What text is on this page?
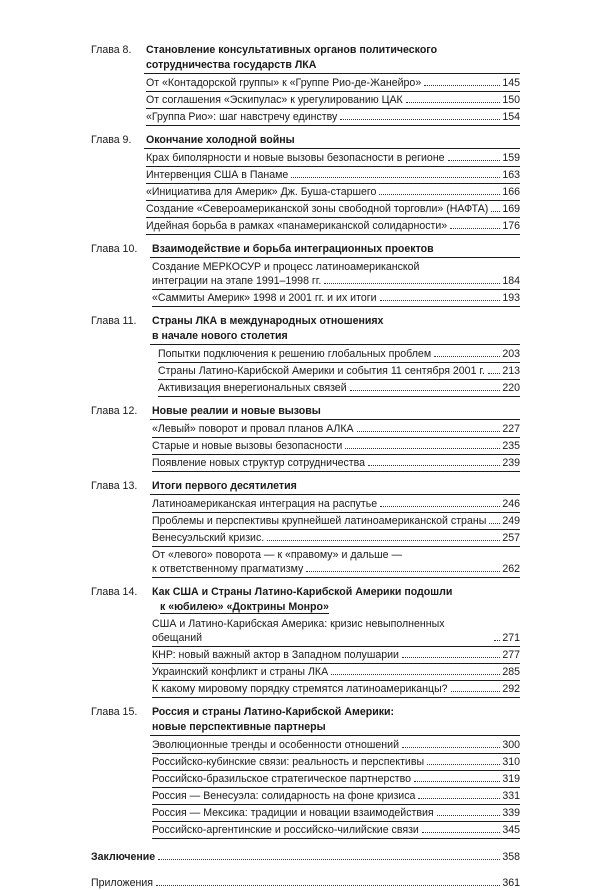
Глава 8.	Становление консультативных органов политического
сотрудничества государств ЛКА
От «Контадорской группы» к «Группе Рио-де-Жанейро»	145
От соглашения «Эскипулас» к урегулированию ЦАК	150
«Группа Рио»: шаг навстречу единству	154
Глава 9.	Окончание холодной войны
Крах биполярности и новые вызовы безопасности в регионе	159
Интервенция США в Панаме	163
«Инициатива для Америк» Дж. Буша-старшего	166
Создание «Североамериканской зоны свободной торговли» (НАФТА) 169
Идейная борьба в рамках «панамериканской солидарности»	176
Глава 10.	Взаимодействие и борьба интеграционных проектов
Создание МЕРКОСУР и процесс латиноамериканской
интеграции на этапе 1991–1998 гг.	184
«Саммиты Америк» 1998 и 2001 гг. и их итоги	193
Глава 11.	Страны ЛКА в международных отношениях
в начале нового столетия
Попытки подключения к решению глобальных проблем	203
Страны Латино-Карибской Америки и события 11 сентября 2001 г. 213
Активизация внерегиональных связей	220
Глава 12.	Новые реалии и новые вызовы
«Левый» поворот и провал планов АЛКА	227
Старые и новые вызовы безопасности	235
Появление новых структур сотрудничества	239
Глава 13.	Итоги первого десятилетия
Латиноамериканская интеграция на распутье	246
Проблемы и перспективы крупнейшей латиноамериканской страны 249
Венесуэльский кризис.	257
От «левого» поворота — к «правому» и дальше —
к ответственному прагматизму	262
Глава 14.	Как США и Страны Латино-Карибской Америки подошли
к «юбилею» «Доктрины Монро»
США и Латино-Карибская Америка: кризис невыполненных обещаний	271
КНР: новый важный актор в Западном полушарии	277
Украинский конфликт и страны ЛКА	285
К какому мировому порядку стремятся латиноамериканцы?	292
Глава 15.	Россия и страны Латино-Карибской Америки:
новые перспективные партнеры
Эволюционные тренды и особенности отношений	300
Российско-кубинские связи: реальность и перспективы	310
Российско-бразильское стратегическое партнерство	319
Россия — Венесуэла: солидарность на фоне кризиса	331
Россия — Мексика: традиции и новации взаимодействия	339
Российско-аргентинские и российско-чилийские связи	345
Заключение	358
Приложения	361
